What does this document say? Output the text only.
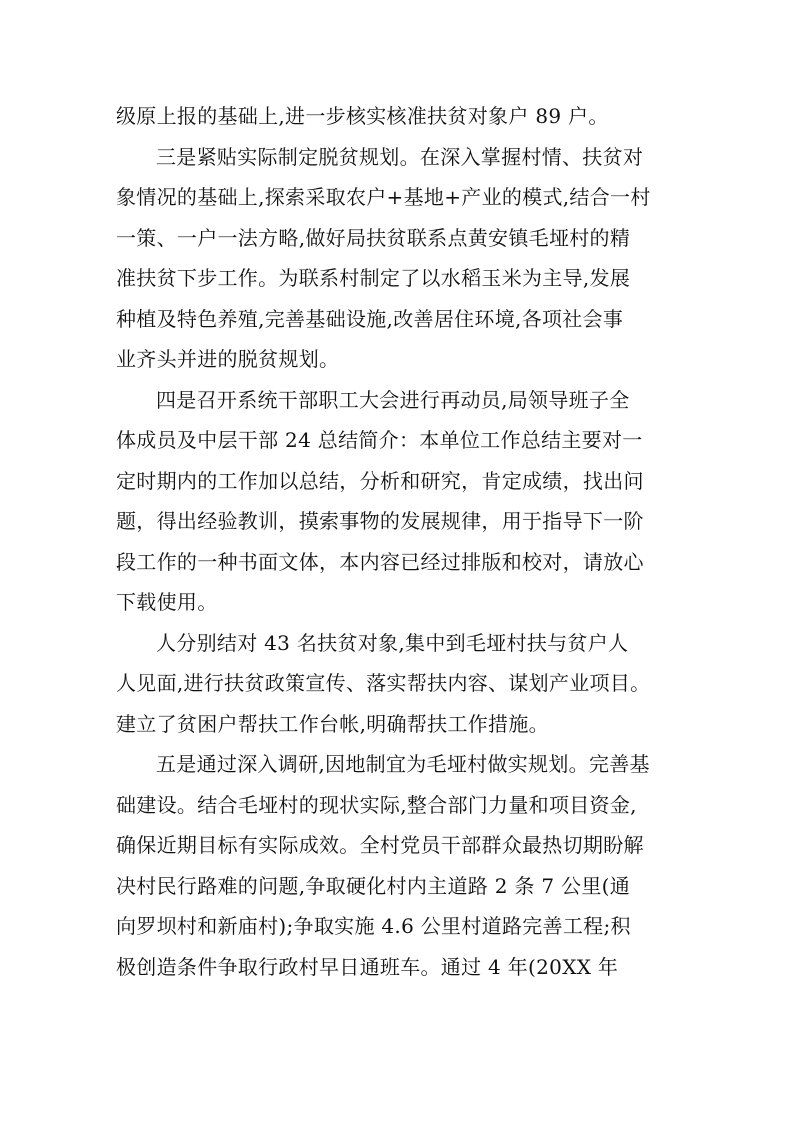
级原上报的基础上,进一步核实核准扶贫对象户 89 户。
三是紧贴实际制定脱贫规划。在深入掌握村情、扶贫对
象情况的基础上,探索采取农户+基地+产业的模式,结合一村
一策、一户一法方略,做好局扶贫联系点黄安镇毛垭村的精
准扶贫下步工作。为联系村制定了以水稻玉米为主导,发展
种植及特色养殖,完善基础设施,改善居住环境,各项社会事
业齐头并进的脱贫规划。
四是召开系统干部职工大会进行再动员,局领导班子全
体成员及中层干部 24 总结简介：本单位工作总结主要对一
定时期内的工作加以总结，分析和研究，肯定成绩，找出问
题，得出经验教训，摸索事物的发展规律，用于指导下一阶
段工作的一种书面文体，本内容已经过排版和校对，请放心
下载使用。
人分别结对 43 名扶贫对象,集中到毛垭村扶与贫户人
人见面,进行扶贫政策宣传、落实帮扶内容、谋划产业项目。
建立了贫困户帮扶工作台帐,明确帮扶工作措施。
五是通过深入调研,因地制宜为毛垭村做实规划。完善基
础建设。结合毛垭村的现状实际,整合部门力量和项目资金,
确保近期目标有实际成效。全村党员干部群众最热切期盼解
决村民行路难的问题,争取硬化村内主道路 2 条 7 公里(通
向罗坝村和新庙村);争取实施 4.6 公里村道路完善工程;积
极创造条件争取行政村早日通班车。通过 4 年(20XX 年
